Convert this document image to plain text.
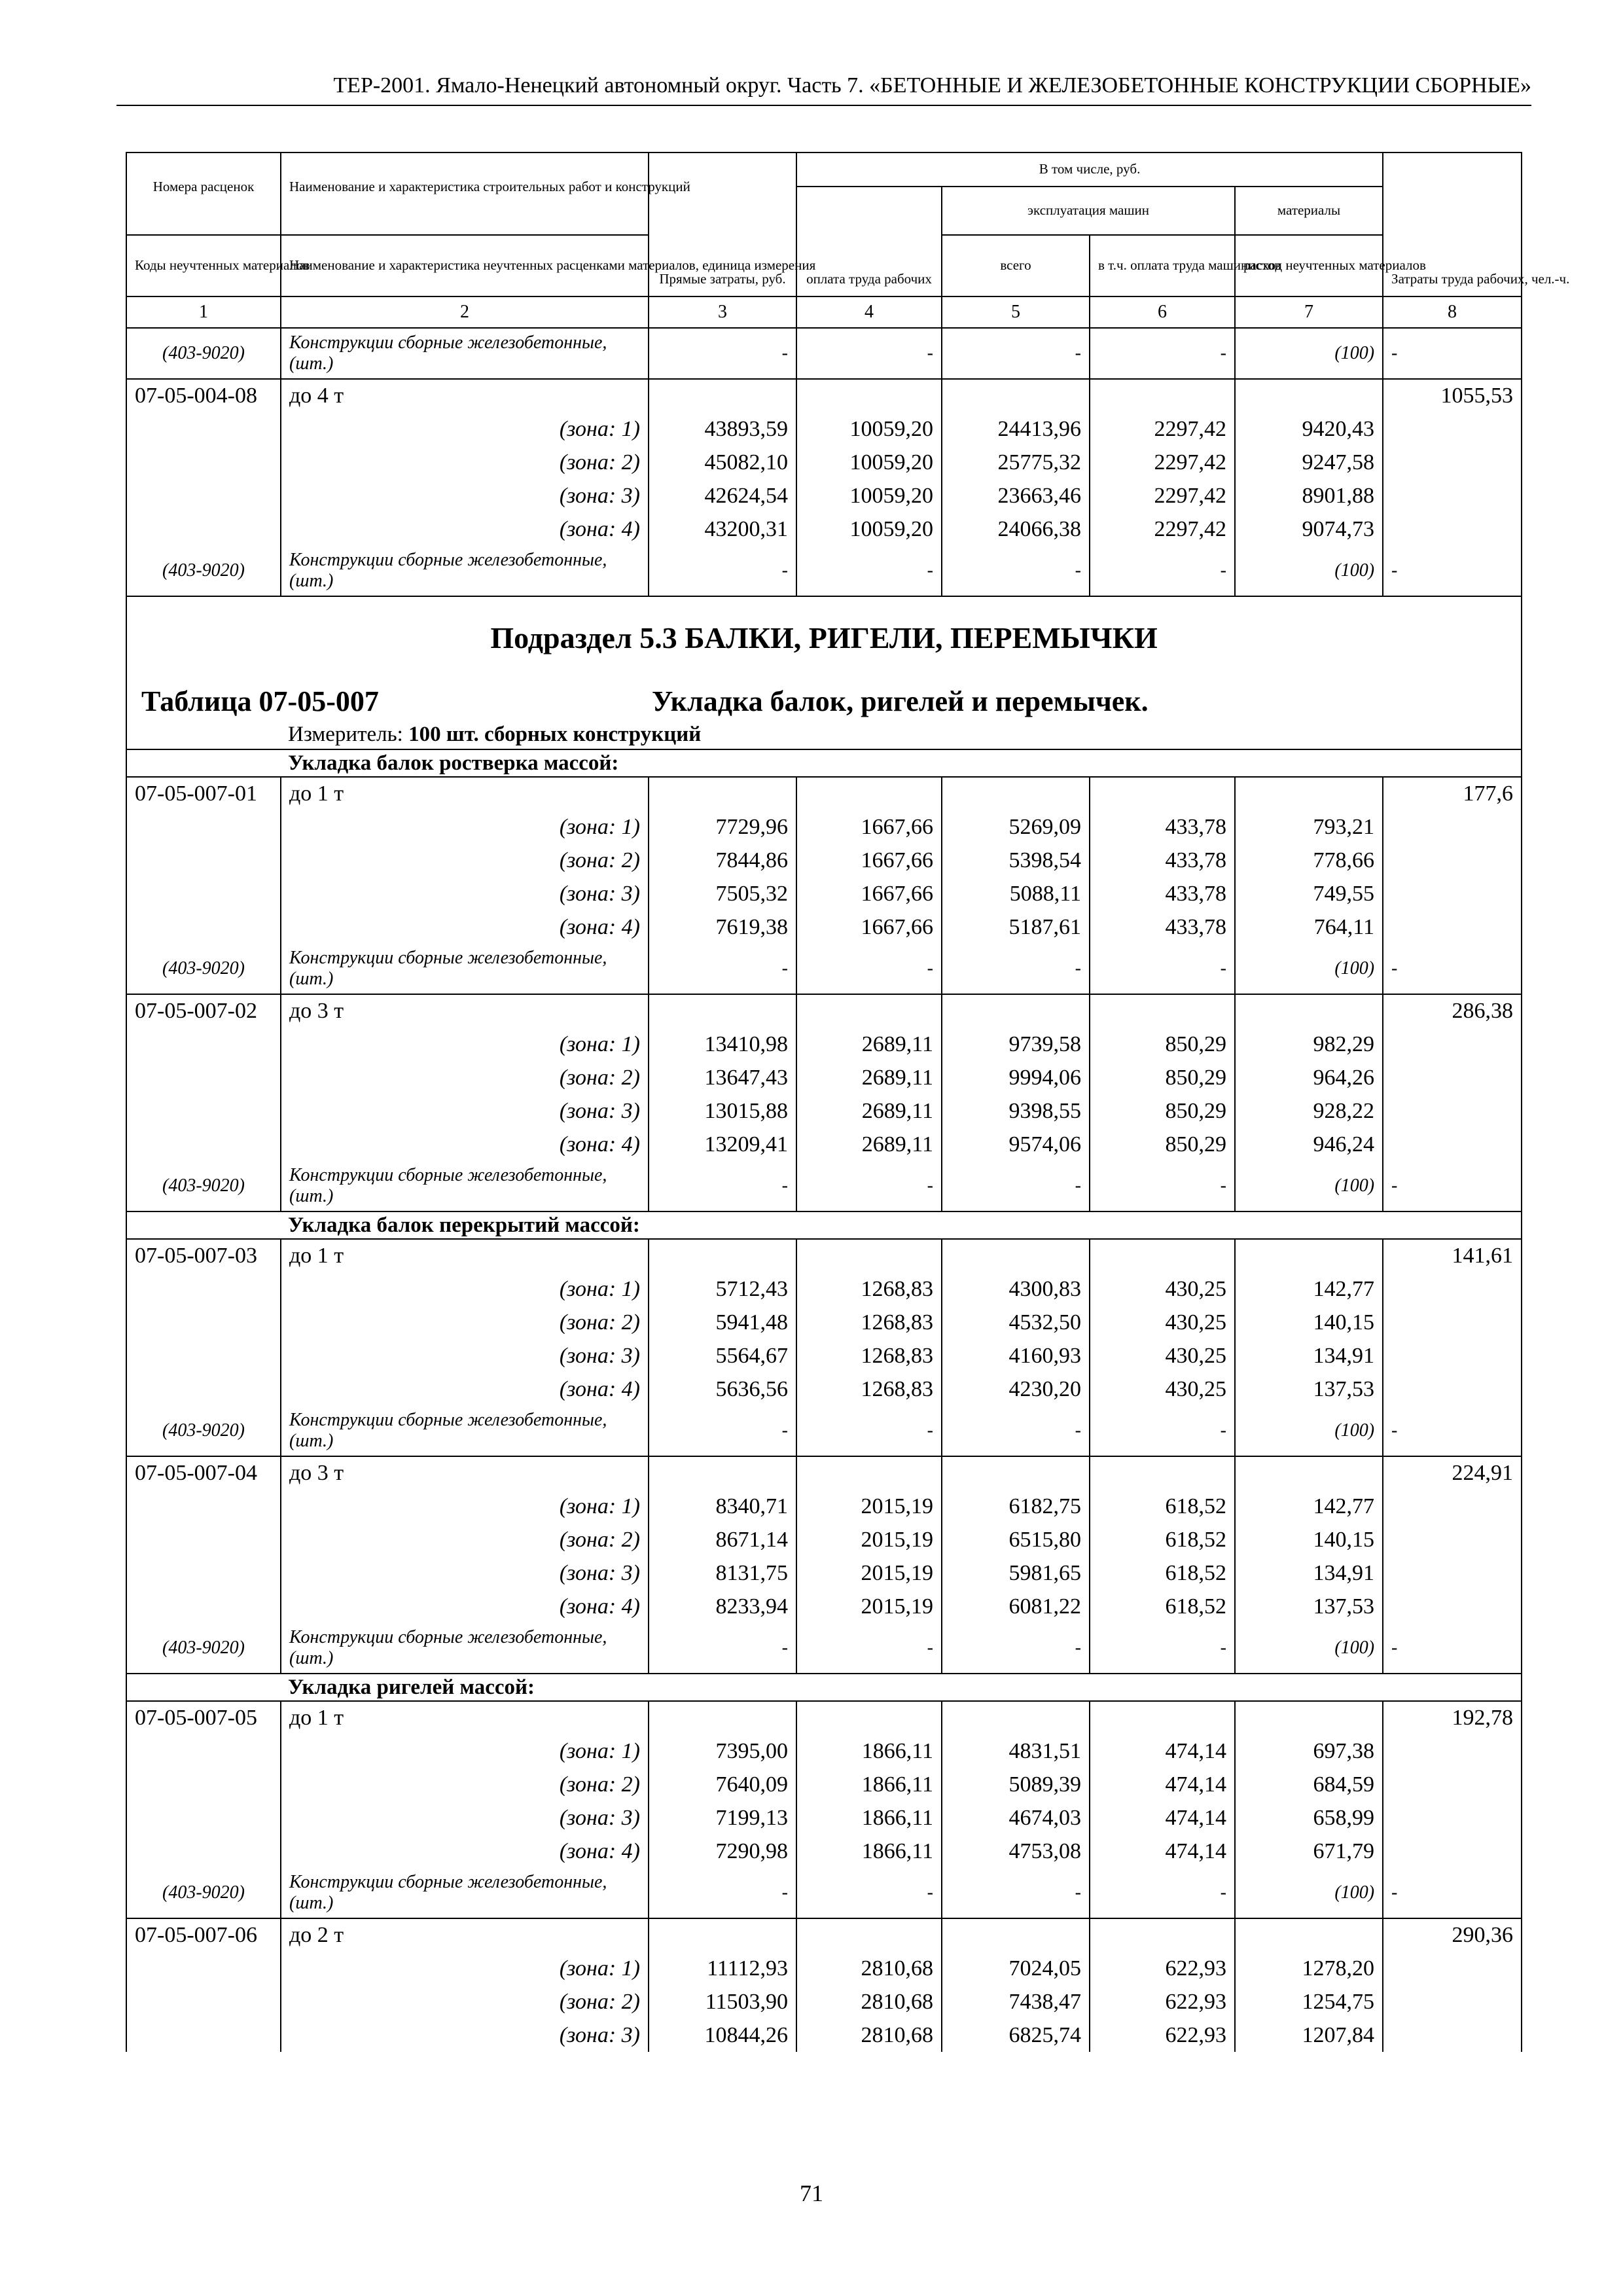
ТЕР-2001. Ямало-Ненецкий автономный округ. Часть 7. «БЕТОННЫЕ И ЖЕЛЕЗОБЕТОННЫЕ КОНСТРУКЦИИ СБОРНЫЕ»
Номера расценок	Наименование и характеристика строительных работ и конструкций	Прямые затраты, руб.	В том числе, руб.				Затраты труда рабочих, чел.-ч.
			оплата труда рабочих	эксплуатация машин		материалы	
Коды неучтенных материалов	Наименование и характеристика неучтенных расценками материалов, единица измерения			всего	в т.ч. оплата труда машинистов	расход неучтенных материалов	
1	2	3	4	5	6	7	8
(403-9020)	Конструкции сборные железобетонные, (шт.)	-	-	-	-	(100)	-
07-05-004-08	до 4 т						1055,53
	(зона: 1)	43893,59	10059,20	24413,96	2297,42	9420,43	
	(зона: 2)	45082,10	10059,20	25775,32	2297,42	9247,58	
	(зона: 3)	42624,54	10059,20	23663,46	2297,42	8901,88	
	(зона: 4)	43200,31	10059,20	24066,38	2297,42	9074,73	
(403-9020)	Конструкции сборные железобетонные, (шт.)	-	-	-	-	(100)	-

Подраздел 5.3 БАЛКИ, РИГЕЛИ, ПЕРЕМЫЧКИ
Таблица 07-05-007 Укладка балок, ригелей и перемычек.
Измеритель: 100 шт. сборных конструкций							

Укладка балок ростверка массой:							
07-05-007-01	до 1 т						177,6
	(зона: 1)	7729,96	1667,66	5269,09	433,78	793,21	
	(зона: 2)	7844,86	1667,66	5398,54	433,78	778,66	
	(зона: 3)	7505,32	1667,66	5088,11	433,78	749,55	
	(зона: 4)	7619,38	1667,66	5187,61	433,78	764,11	
(403-9020)	Конструкции сборные железобетонные, (шт.)	-	-	-	-	(100)	-
07-05-007-02	до 3 т						286,38
	(зона: 1)	13410,98	2689,11	9739,58	850,29	982,29	
	(зона: 2)	13647,43	2689,11	9994,06	850,29	964,26	
	(зона: 3)	13015,88	2689,11	9398,55	850,29	928,22	
	(зона: 4)	13209,41	2689,11	9574,06	850,29	946,24	
(403-9020)	Конструкции сборные железобетонные, (шт.)	-	-	-	-	(100)	-
Укладка балок перекрытий массой:							
07-05-007-03	до 1 т						141,61
	(зона: 1)	5712,43	1268,83	4300,83	430,25	142,77	
	(зона: 2)	5941,48	1268,83	4532,50	430,25	140,15	
	(зона: 3)	5564,67	1268,83	4160,93	430,25	134,91	
	(зона: 4)	5636,56	1268,83	4230,20	430,25	137,53	
(403-9020)	Конструкции сборные железобетонные, (шт.)	-	-	-	-	(100)	-
07-05-007-04	до 3 т						224,91
	(зона: 1)	8340,71	2015,19	6182,75	618,52	142,77	
	(зона: 2)	8671,14	2015,19	6515,80	618,52	140,15	
	(зона: 3)	8131,75	2015,19	5981,65	618,52	134,91	
	(зона: 4)	8233,94	2015,19	6081,22	618,52	137,53	
(403-9020)	Конструкции сборные железобетонные, (шт.)	-	-	-	-	(100)	-
Укладка ригелей массой:							
07-05-007-05	до 1 т						192,78
	(зона: 1)	7395,00	1866,11	4831,51	474,14	697,38	
	(зона: 2)	7640,09	1866,11	5089,39	474,14	684,59	
	(зона: 3)	7199,13	1866,11	4674,03	474,14	658,99	
	(зона: 4)	7290,98	1866,11	4753,08	474,14	671,79	
(403-9020)	Конструкции сборные железобетонные, (шт.)	-	-	-	-	(100)	-
07-05-007-06	до 2 т						290,36
	(зона: 1)	11112,93	2810,68	7024,05	622,93	1278,20	
	(зона: 2)	11503,90	2810,68	7438,47	622,93	1254,75	
	(зона: 3)	10844,26	2810,68	6825,74	622,93	1207,84	
71
